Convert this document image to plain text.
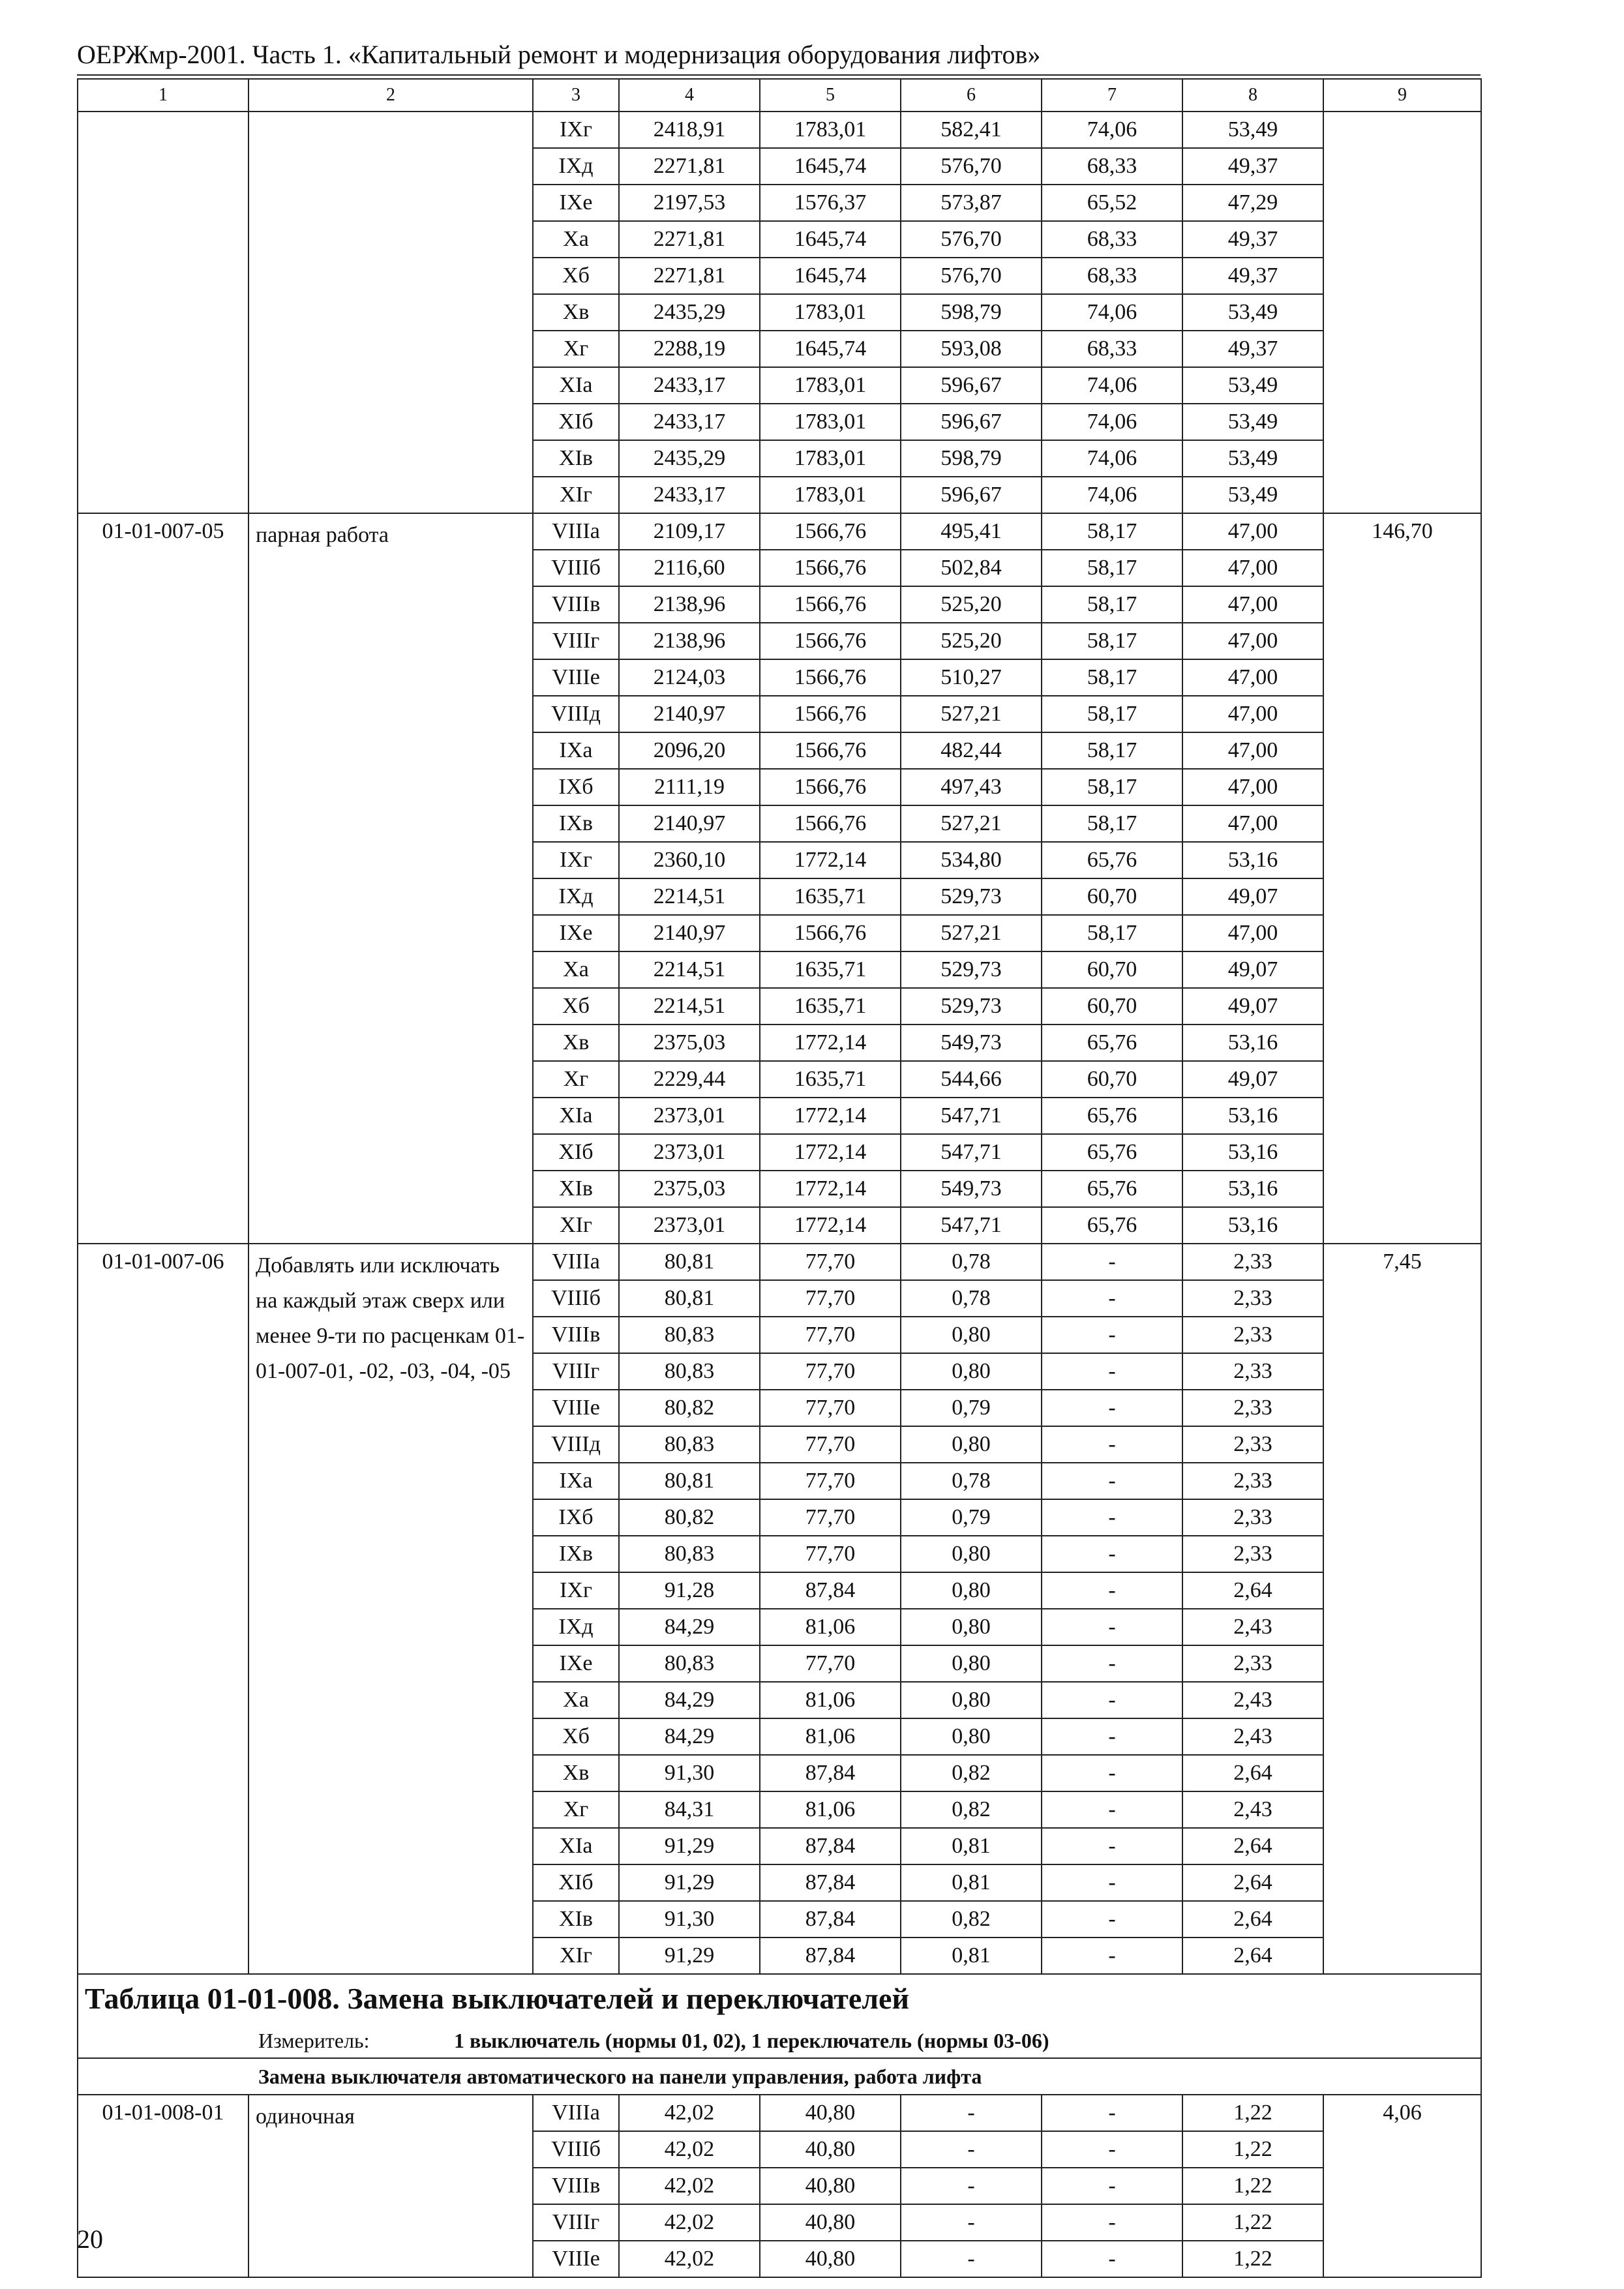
ОЕРЖмр-2001. Часть 1. «Капитальный ремонт и модернизация оборудования лифтов»
1	2	3	4	5	6	7	8	9
		IXг	2418,91	1783,01	582,41	74,06	53,49	
		IXд	2271,81	1645,74	576,70	68,33	49,37	
		IXе	2197,53	1576,37	573,87	65,52	47,29	
		Xа	2271,81	1645,74	576,70	68,33	49,37	
		Xб	2271,81	1645,74	576,70	68,33	49,37	
		Xв	2435,29	1783,01	598,79	74,06	53,49	
		Xг	2288,19	1645,74	593,08	68,33	49,37	
		XIа	2433,17	1783,01	596,67	74,06	53,49	
		XIб	2433,17	1783,01	596,67	74,06	53,49	
		XIв	2435,29	1783,01	598,79	74,06	53,49	
		XIг	2433,17	1783,01	596,67	74,06	53,49	
01-01-007-05	парная работа	VIIIа	2109,17	1566,76	495,41	58,17	47,00	146,70
		VIIIб	2116,60	1566,76	502,84	58,17	47,00	
		VIIIв	2138,96	1566,76	525,20	58,17	47,00	
		VIIIг	2138,96	1566,76	525,20	58,17	47,00	
		VIIIе	2124,03	1566,76	510,27	58,17	47,00	
		VIIIд	2140,97	1566,76	527,21	58,17	47,00	
		IXа	2096,20	1566,76	482,44	58,17	47,00	
		IXб	2111,19	1566,76	497,43	58,17	47,00	
		IXв	2140,97	1566,76	527,21	58,17	47,00	
		IXг	2360,10	1772,14	534,80	65,76	53,16	
		IXд	2214,51	1635,71	529,73	60,70	49,07	
		IXе	2140,97	1566,76	527,21	58,17	47,00	
		Xа	2214,51	1635,71	529,73	60,70	49,07	
		Xб	2214,51	1635,71	529,73	60,70	49,07	
		Xв	2375,03	1772,14	549,73	65,76	53,16	
		Xг	2229,44	1635,71	544,66	60,70	49,07	
		XIа	2373,01	1772,14	547,71	65,76	53,16	
		XIб	2373,01	1772,14	547,71	65,76	53,16	
		XIв	2375,03	1772,14	549,73	65,76	53,16	
		XIг	2373,01	1772,14	547,71	65,76	53,16	
01-01-007-06	Добавлять или исключать на каждый этаж сверх или менее 9-ти по расценкам 01-01-007-01, -02, -03, -04, -05	VIIIа	80,81	77,70	0,78	-	2,33	7,45
		VIIIб	80,81	77,70	0,78	-	2,33	
		VIIIв	80,83	77,70	0,80	-	2,33	
		VIIIг	80,83	77,70	0,80	-	2,33	
		VIIIе	80,82	77,70	0,79	-	2,33	
		VIIIд	80,83	77,70	0,80	-	2,33	
		IXа	80,81	77,70	0,78	-	2,33	
		IXб	80,82	77,70	0,79	-	2,33	
		IXв	80,83	77,70	0,80	-	2,33	
		IXг	91,28	87,84	0,80	-	2,64	
		IXд	84,29	81,06	0,80	-	2,43	
		IXе	80,83	77,70	0,80	-	2,33	
		Xа	84,29	81,06	0,80	-	2,43	
		Xб	84,29	81,06	0,80	-	2,43	
		Xв	91,30	87,84	0,82	-	2,64	
		Xг	84,31	81,06	0,82	-	2,43	
		XIа	91,29	87,84	0,81	-	2,64	
		XIб	91,29	87,84	0,81	-	2,64	
		XIв	91,30	87,84	0,82	-	2,64	
		XIг	91,29	87,84	0,81	-	2,64	
Таблица 01-01-008. Замена выключателей и переключателей								
Измеритель: 1 выключатель (нормы 01, 02), 1 переключатель (нормы 03-06)								
Замена выключателя автоматического на панели управления, работа лифта								
01-01-008-01	одиночная	VIIIа	42,02	40,80	-	-	1,22	4,06
		VIIIб	42,02	40,80	-	-	1,22	
		VIIIв	42,02	40,80	-	-	1,22	
		VIIIг	42,02	40,80	-	-	1,22	
		VIIIе	42,02	40,80	-	-	1,22	
20
